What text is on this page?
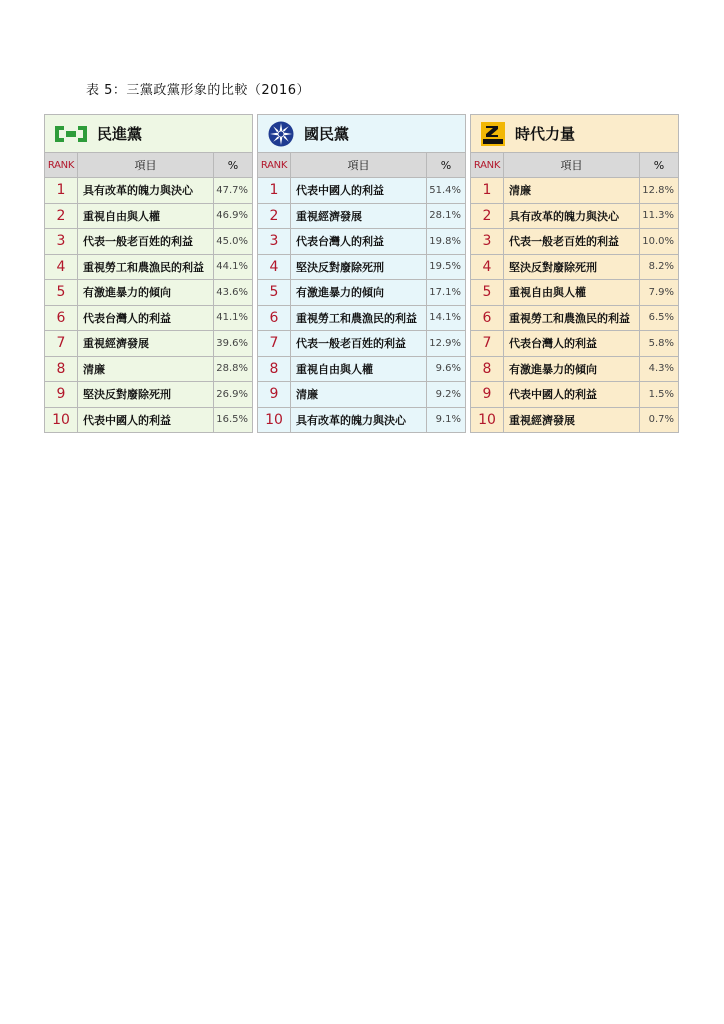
表 5：三黨政黨形象的比較（2016）
民進黨
RANK	項目	%
1	具有改革的魄力與決心	47.7%
2	重視自由與人權	46.9%
3	代表一般老百姓的利益	45.0%
4	重視勞工和農漁民的利益	44.1%
5	有激進暴力的傾向	43.6%
6	代表台灣人的利益	41.1%
7	重視經濟發展	39.6%
8	清廉	28.8%
9	堅決反對廢除死刑	26.9%
10	代表中國人的利益	16.5%
國民黨
RANK	項目	%
1	代表中國人的利益	51.4%
2	重視經濟發展	28.1%
3	代表台灣人的利益	19.8%
4	堅決反對廢除死刑	19.5%
5	有激進暴力的傾向	17.1%
6	重視勞工和農漁民的利益	14.1%
7	代表一般老百姓的利益	12.9%
8	重視自由與人權	9.6%
9	清廉	9.2%
10	具有改革的魄力與決心	9.1%
時代力量
RANK	項目	%
1	清廉	12.8%
2	具有改革的魄力與決心	11.3%
3	代表一般老百姓的利益	10.0%
4	堅決反對廢除死刑	8.2%
5	重視自由與人權	7.9%
6	重視勞工和農漁民的利益	6.5%
7	代表台灣人的利益	5.8%
8	有激進暴力的傾向	4.3%
9	代表中國人的利益	1.5%
10	重視經濟發展	0.7%
